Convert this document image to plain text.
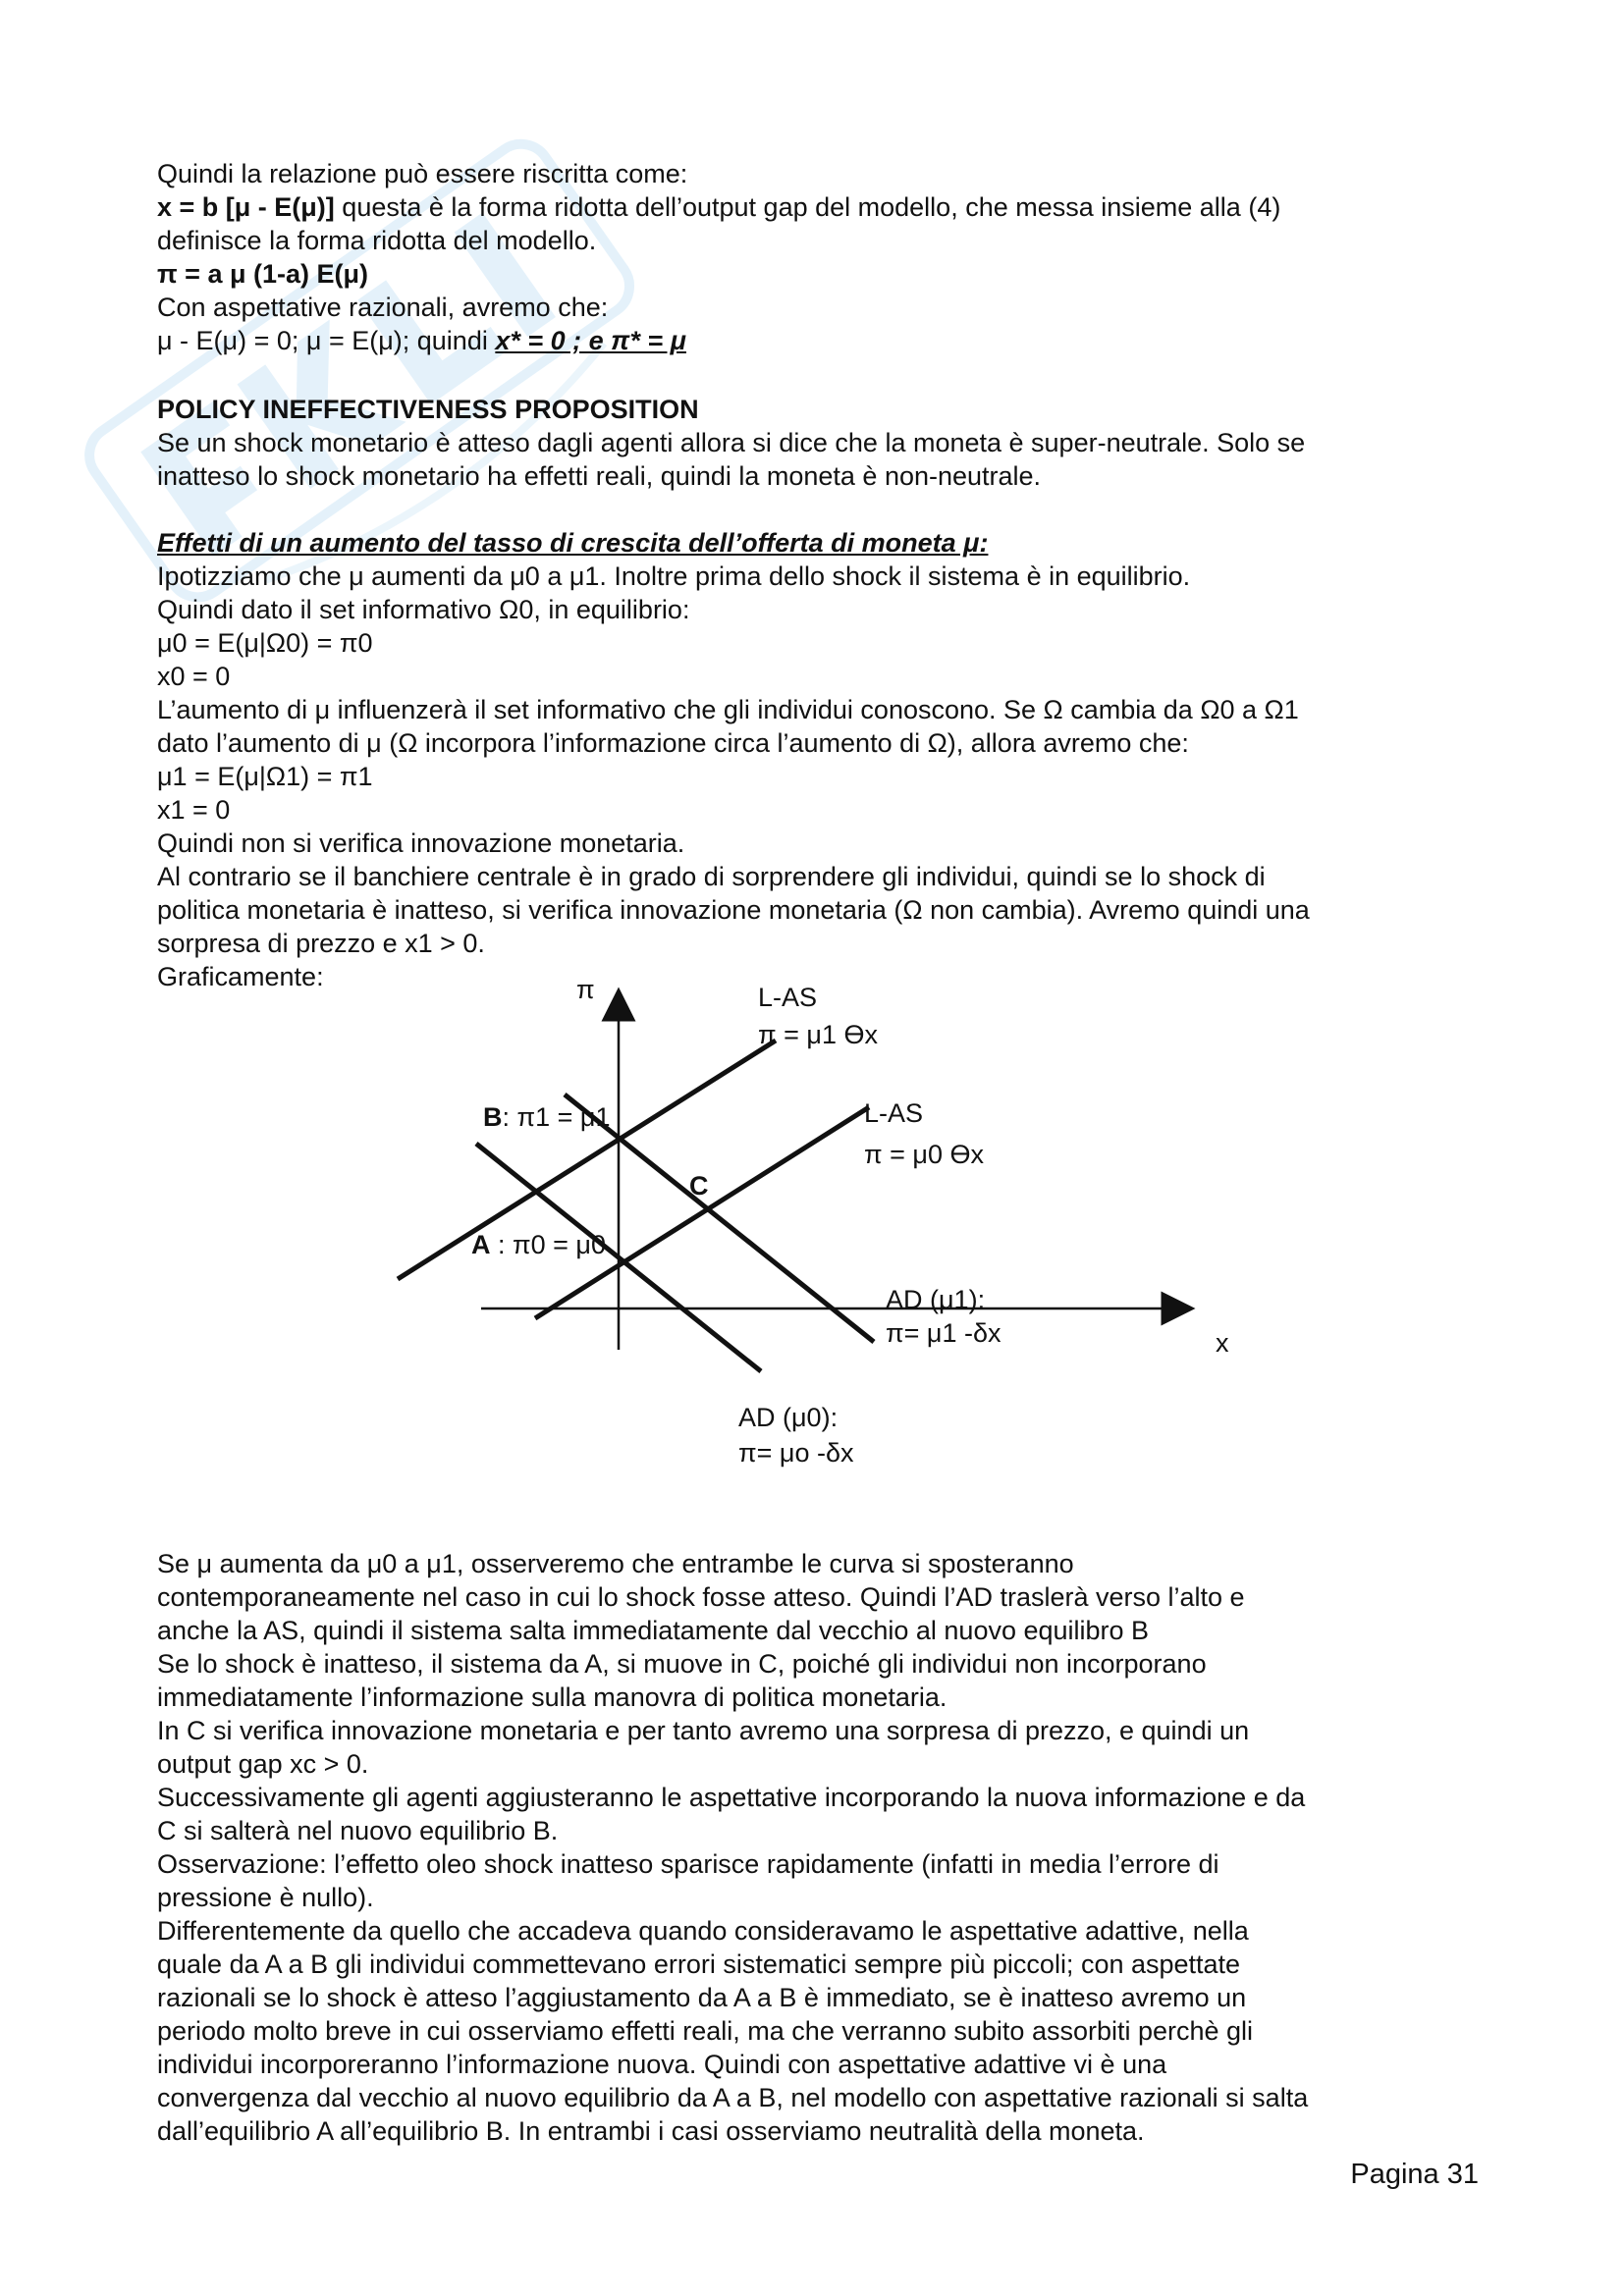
Quindi la relazione può essere riscritta come:
x = b [μ - E(μ)] questa è la forma ridotta dell’output gap del modello, che messa insieme alla (4)
definisce la forma ridotta del modello.
π = a μ (1-a) E(μ)
Con aspettative razionali, avremo che:
μ - E(μ) = 0; μ = E(μ); quindi x* = 0 ; e π* = μ
POLICY INEFFECTIVENESS PROPOSITION
Se un shock monetario è atteso dagli agenti allora si dice che la moneta è super-neutrale. Solo se
inatteso lo shock monetario ha effetti reali, quindi la moneta è non-neutrale.
Effetti di un aumento del tasso di crescita dell’offerta di moneta μ:
Ipotizziamo che μ aumenti da μ0 a μ1. Inoltre prima dello shock il sistema è in equilibrio.
Quindi dato il set informativo Ω0, in equilibrio:
μ0 = E(μ|Ω0) = π0
x0 = 0
L’aumento di μ influenzerà il set informativo che gli individui conoscono. Se Ω cambia da Ω0 a Ω1
dato l’aumento di μ (Ω incorpora l’informazione circa l’aumento di Ω), allora avremo che:
μ1 = E(μ|Ω1) = π1
x1 = 0
Quindi non si verifica innovazione monetaria.
Al contrario se il banchiere centrale è in grado di sorprendere gli individui, quindi se lo shock di
politica monetaria è inatteso, si verifica innovazione monetaria (Ω non cambia). Avremo quindi una
sorpresa di prezzo e x1 > 0.
Graficamente:	π
x
L-AS
π = μ1 ϴx
L-AS
π = μ0 ϴx
B: π1 = μ1
A : π0 = μ0
C
AD (μ1):
π= μ1 -δx
AD (μ0):
π= μo -δx
Se μ aumenta da μ0 a μ1, osserveremo che entrambe le curva si sposteranno
contemporaneamente nel caso in cui lo shock fosse atteso. Quindi l’AD traslerà verso l’alto e
anche la AS, quindi il sistema salta immediatamente dal vecchio al nuovo equilibro B
Se lo shock è inatteso, il sistema da A, si muove in C, poiché gli individui non incorporano
immediatamente l’informazione sulla manovra di politica monetaria.
In C si verifica innovazione monetaria e per tanto avremo una sorpresa di prezzo, e quindi un
output gap xc > 0.
Successivamente gli agenti aggiusteranno le aspettative incorporando la nuova informazione e da
C si salterà nel nuovo equilibrio B.
Osservazione: l’effetto oleo shock inatteso sparisce rapidamente (infatti in media l’errore di
pressione è nullo).
Differentemente da quello che accadeva quando consideravamo le aspettative adattive, nella
quale da A a B gli individui commettevano errori sistematici sempre più piccoli; con aspettate
razionali se lo shock è atteso l’aggiustamento da A a B è immediato, se è inatteso avremo un
periodo molto breve in cui osserviamo effetti reali, ma che verranno subito assorbiti perchè gli
individui incorporeranno l’informazione nuova. Quindi con aspettative adattive vi è una
convergenza dal vecchio al nuovo equilibrio da A a B, nel modello con aspettative razionali si salta
dall’equilibrio A all’equilibrio B. In entrambi i casi osserviamo neutralità della moneta.
Pagina 31
